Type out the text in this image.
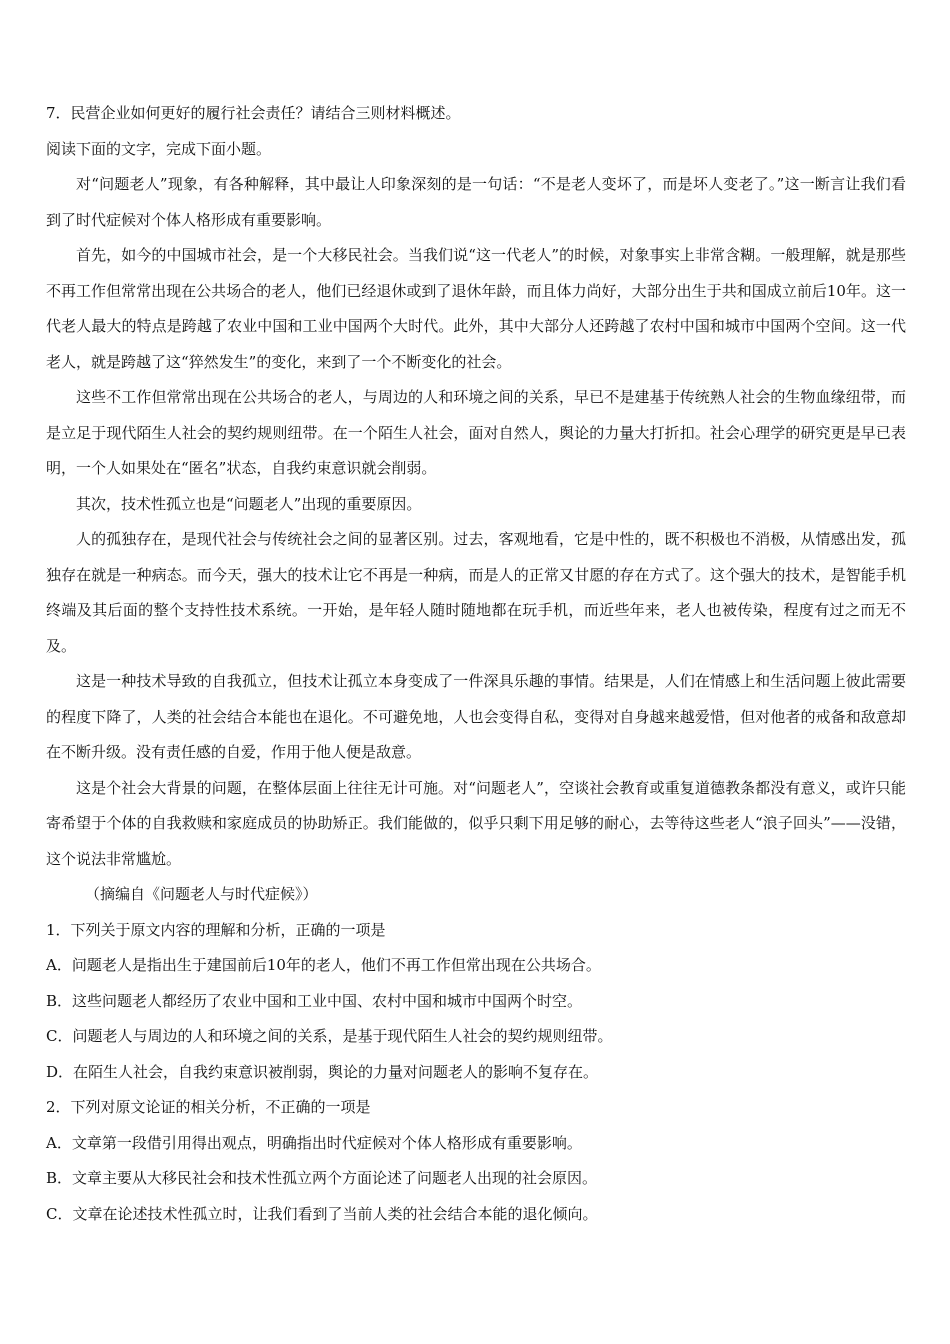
7．民营企业如何更好的履行社会责任？请结合三则材料概述。
阅读下面的文字，完成下面小题。
对“问题老人”现象，有各种解释，其中最让人印象深刻的是一句话：“不是老人变坏了，而是坏人变老了。”这一断言让我们看到了时代症候对个体人格形成有重要影响。
首先，如今的中国城市社会，是一个大移民社会。当我们说“这一代老人”的时候，对象事实上非常含糊。一般理解，就是那些不再工作但常常出现在公共场合的老人，他们已经退休或到了退休年龄，而且体力尚好，大部分出生于共和国成立前后10年。这一代老人最大的特点是跨越了农业中国和工业中国两个大时代。此外，其中大部分人还跨越了农村中国和城市中国两个空间。这一代老人，就是跨越了这“猝然发生”的变化，来到了一个不断变化的社会。
这些不工作但常常出现在公共场合的老人，与周边的人和环境之间的关系，早已不是建基于传统熟人社会的生物血缘纽带，而是立足于现代陌生人社会的契约规则纽带。在一个陌生人社会，面对自然人，舆论的力量大打折扣。社会心理学的研究更是早已表明，一个人如果处在“匿名”状态，自我约束意识就会削弱。
其次，技术性孤立也是“问题老人”出现的重要原因。
人的孤独存在，是现代社会与传统社会之间的显著区别。过去，客观地看，它是中性的，既不积极也不消极，从情感出发，孤独存在就是一种病态。而今天，强大的技术让它不再是一种病，而是人的正常又甘愿的存在方式了。这个强大的技术，是智能手机终端及其后面的整个支持性技术系统。一开始，是年轻人随时随地都在玩手机，而近些年来，老人也被传染，程度有过之而无不及。
这是一种技术导致的自我孤立，但技术让孤立本身变成了一件深具乐趣的事情。结果是，人们在情感上和生活问题上彼此需要的程度下降了，人类的社会结合本能也在退化。不可避免地，人也会变得自私，变得对自身越来越爱惜，但对他者的戒备和敌意却在不断升级。没有责任感的自爱，作用于他人便是敌意。
这是个社会大背景的问题，在整体层面上往往无计可施。对“问题老人”，空谈社会教育或重复道德教条都没有意义，或许只能寄希望于个体的自我救赎和家庭成员的协助矫正。我们能做的，似乎只剩下用足够的耐心，去等待这些老人“浪子回头”——没错，这个说法非常尴尬。
（摘编自《问题老人与时代症候》）
1．下列关于原文内容的理解和分析，正确的一项是
A．问题老人是指出生于建国前后10年的老人，他们不再工作但常出现在公共场合。
B．这些问题老人都经历了农业中国和工业中国、农村中国和城市中国两个时空。
C．问题老人与周边的人和环境之间的关系，是基于现代陌生人社会的契约规则纽带。
D．在陌生人社会，自我约束意识被削弱，舆论的力量对问题老人的影响不复存在。
2．下列对原文论证的相关分析，不正确的一项是
A．文章第一段借引用得出观点，明确指出时代症候对个体人格形成有重要影响。
B．文章主要从大移民社会和技术性孤立两个方面论述了问题老人出现的社会原因。
C．文章在论述技术性孤立时，让我们看到了当前人类的社会结合本能的退化倾向。
